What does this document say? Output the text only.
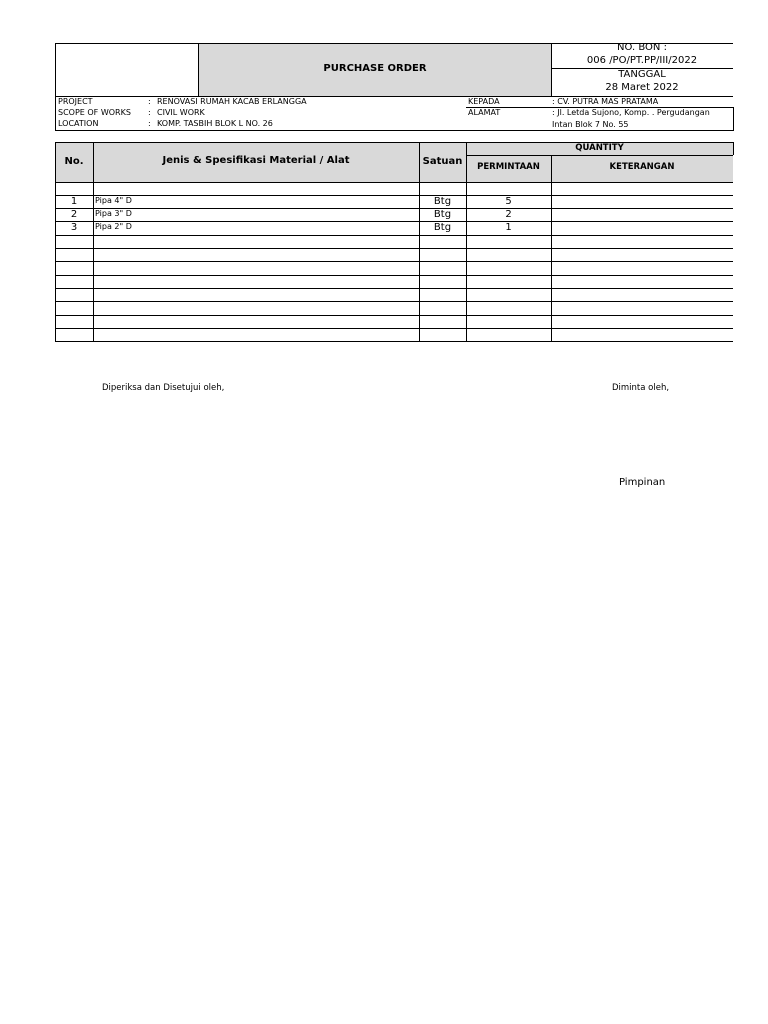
PURCHASE ORDER
NO. BON :
006 /PO/PT.PP/III/2022
TANGGAL
28 Maret 2022
PROJECT	: RENOVASI RUMAH KACAB ERLANGGA
SCOPE OF WORKS : CIVIL WORK
LOCATION	: KOMP. TASBIH BLOK L NO. 26
KEPADA	: CV. PUTRA MAS PRATAMA
ALAMAT	: Jl. Letda Sujono, Komp. . Pergudangan
Intan Blok 7 No. 55
No.	Jenis & Spesifikasi Material / Alat	Satuan
QUANTITY
PERMINTAAN	KETERANGAN
1	Pipa 4" D	Btg	5
2	Pipa 3" D	Btg	2
3	Pipa 2" D	Btg	1
Diperiksa dan Disetujui oleh,	Diminta oleh,
Pimpinan
